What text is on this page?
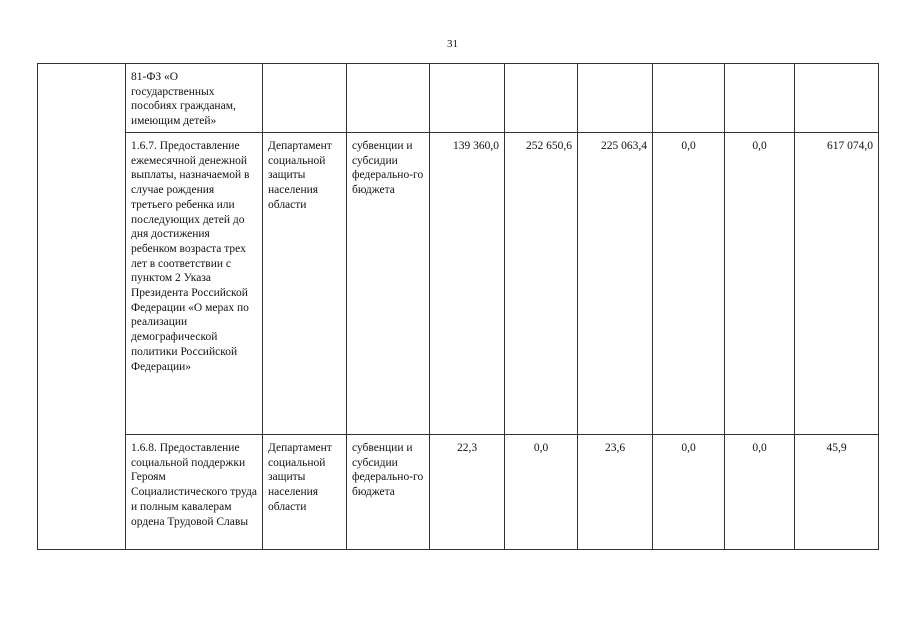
31
	81-ФЗ «О государственных пособиях гражданам, имеющим детей»								
	1.6.7. Предоставление ежемесячной денежной выплаты, назначаемой в случае рождения третьего ребенка или последующих детей до дня достижения ребенком возраста трех лет в соответствии с пунктом 2 Указа Президента Российской Федерации «О мерах по реализации демографической политики Российской Федерации»	Департамент социальной защиты населения области	субвенции и субсидии федерально-го бюджета	139 360,0	252 650,6	225 063,4	0,0	0,0	617 074,0
	1.6.8. Предоставление социальной поддержки Героям Социалистического труда и полным кавалерам ордена Трудовой Славы	Департамент социальной защиты населения области	субвенции и субсидии федерально-го бюджета	22,3	0,0	23,6	0,0	0,0	45,9
